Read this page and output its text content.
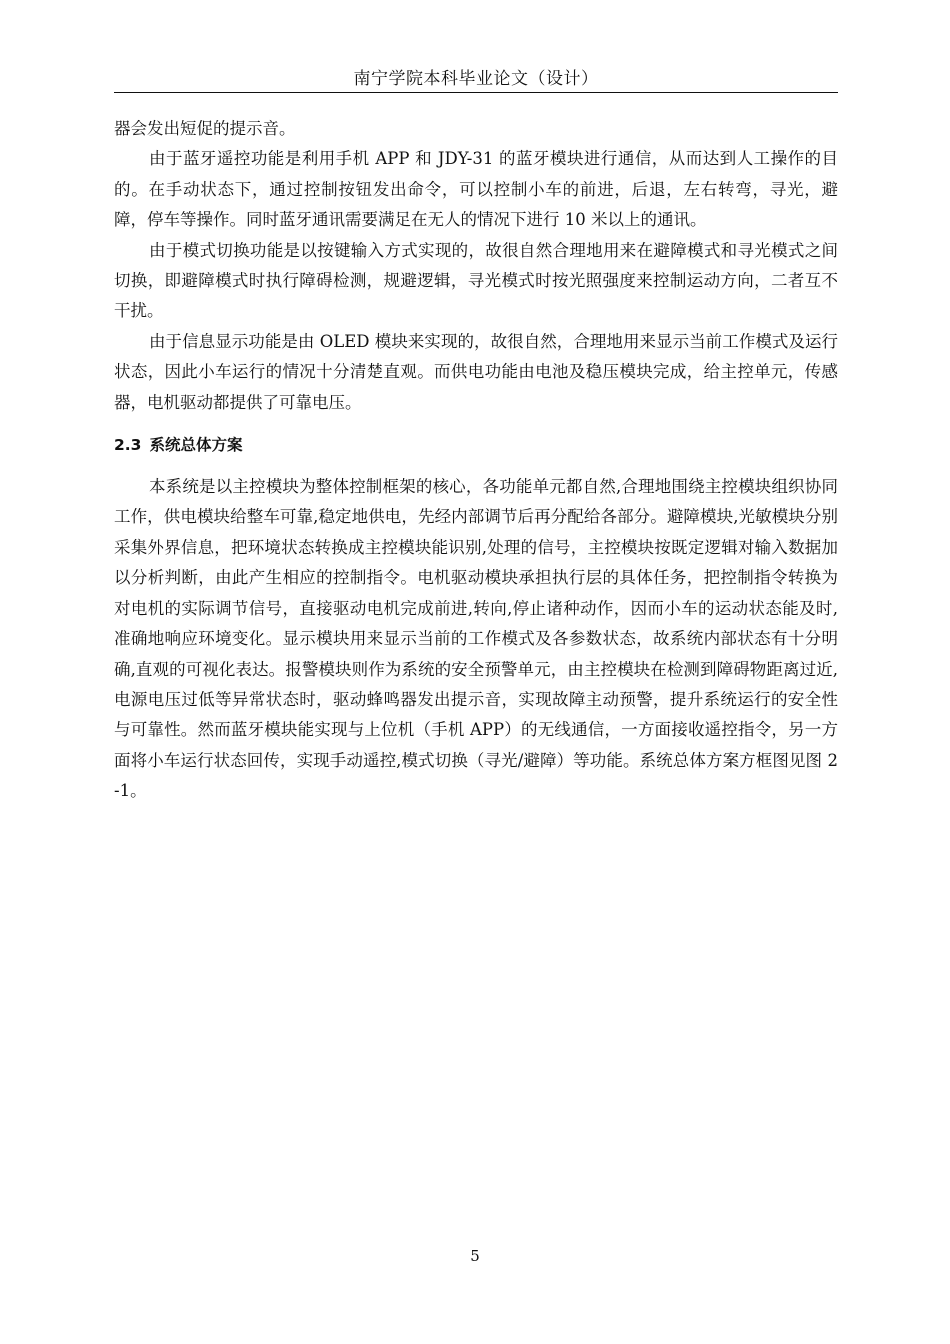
南宁学院本科毕业论文（设计）

器会发出短促的提示音。

由于蓝牙遥控功能是利用手机 APP 和 JDY-31 的蓝牙模块进行通信，从而达到人工操作的目的。在手动状态下，通过控制按钮发出命令，可以控制小车的前进，后退，左右转弯，寻光，避障，停车等操作。同时蓝牙通讯需要满足在无人的情况下进行 10 米以上的通讯。

由于模式切换功能是以按键输入方式实现的，故很自然合理地用来在避障模式和寻光模式之间切换，即避障模式时执行障碍检测，规避逻辑，寻光模式时按光照强度来控制运动方向，二者互不干扰。

由于信息显示功能是由 OLED 模块来实现的，故很自然，合理地用来显示当前工作模式及运行状态，因此小车运行的情况十分清楚直观。而供电功能由电池及稳压模块完成，给主控单元，传感器，电机驱动都提供了可靠电压。

2.3 系统总体方案

本系统是以主控模块为整体控制框架的核心，各功能单元都自然,合理地围绕主控模块组织协同工作，供电模块给整车可靠,稳定地供电，先经内部调节后再分配给各部分。避障模块,光敏模块分别采集外界信息，把环境状态转换成主控模块能识别,处理的信号，主控模块按既定逻辑对输入数据加以分析判断，由此产生相应的控制指令。电机驱动模块承担执行层的具体任务，把控制指令转换为对电机的实际调节信号，直接驱动电机完成前进,转向,停止诸种动作，因而小车的运动状态能及时,准确地响应环境变化。显示模块用来显示当前的工作模式及各参数状态，故系统内部状态有十分明确,直观的可视化表达。报警模块则作为系统的安全预警单元，由主控模块在检测到障碍物距离过近,电源电压过低等异常状态时，驱动蜂鸣器发出提示音，实现故障主动预警，提升系统运行的安全性与可靠性。然而蓝牙模块能实现与上位机（手机 APP）的无线通信，一方面接收遥控指令，另一方面将小车运行状态回传，实现手动遥控,模式切换（寻光/避障）等功能。系统总体方案方框图见图 2-1。

5
